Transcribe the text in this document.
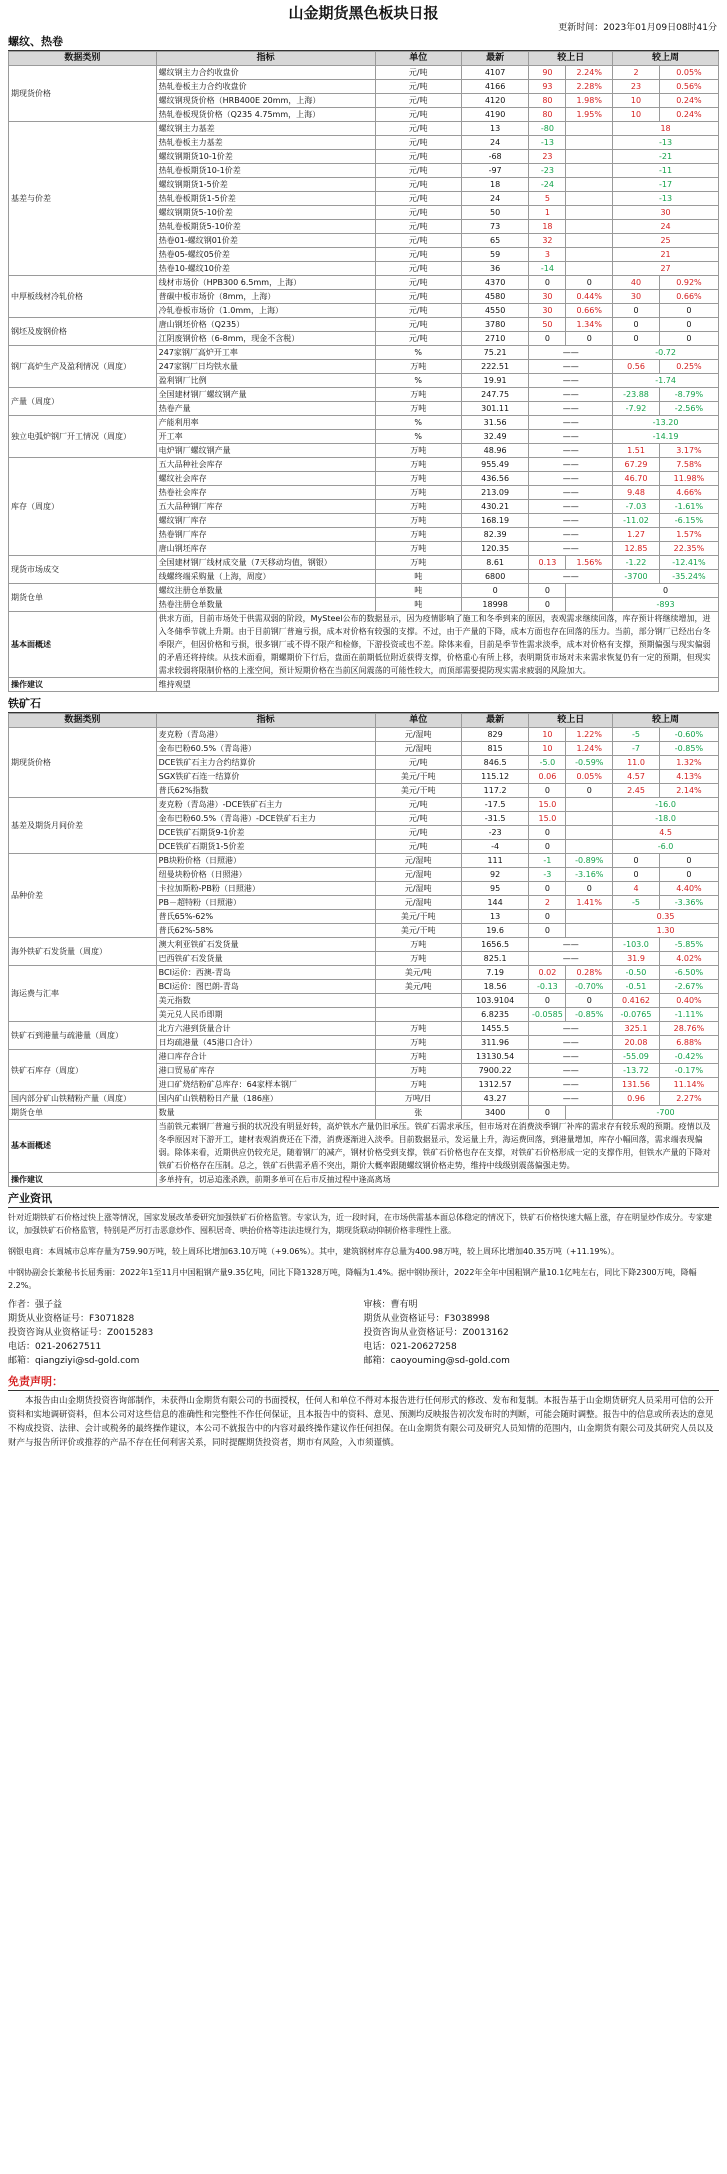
山金期货黑色板块日报
更新时间：2023年01月09日08时41分
螺纹、热卷
数据类别	指标	单位	最新	较上日		较上周	
期现货价格	螺纹钢主力合约收盘价	元/吨	4107	90	2.24%	2	0.05%
	热轧卷板主力合约收盘价	元/吨	4166	93	2.28%	23	0.56%
	螺纹钢现货价格（HRB400E 20mm，上海）	元/吨	4120	80	1.98%	10	0.24%
	热轧卷板现货价格（Q235 4.75mm，上海）	元/吨	4190	80	1.95%	10	0.24%
基差与价差	螺纹钢主力基差	元/吨	13	-80		18	
	热轧卷板主力基差	元/吨	24	-13		-13	
	螺纹钢期货10-1价差	元/吨	-68	23		-21	
	热轧卷板期货10-1价差	元/吨	-97	-23		-11	
	螺纹钢期货1-5价差	元/吨	18	-24		-17	
	热轧卷板期货1-5价差	元/吨	24	5		-13	
	螺纹钢期货5-10价差	元/吨	50	1		30	
	热轧卷板期货5-10价差	元/吨	73	18		24	
	热卷01-螺纹钢01价差	元/吨	65	32		25	
	热卷05-螺纹05价差	元/吨	59	3		21	
	热卷10-螺纹10价差	元/吨	36	-14		27	
中厚板线材冷轧价格	线材市场价（HPB300 6.5mm，上海）	元/吨	4370	0	0	40	0.92%
	普碳中板市场价（8mm，上海）	元/吨	4580	30	0.44%	30	0.66%
	冷轧卷板市场价（1.0mm，上海）	元/吨	4550	30	0.66%	0	0
钢坯及废钢价格	唐山钢坯价格（Q235）	元/吨	3780	50	1.34%	0	0
	江阴废钢价格（6-8mm，现金不含税）	元/吨	2710	0	0	0	0
钢厂高炉生产及盈利情况（周度）	247家钢厂高炉开工率	%	75.21	——		-0.72	
	247家钢厂日均铁水量	万吨	222.51	——		0.56	0.25%
	盈利钢厂比例	%	19.91	——		-1.74	
产量（周度）	全国建材钢厂螺纹钢产量	万吨	247.75	——		-23.88	-8.79%
	热卷产量	万吨	301.11	——		-7.92	-2.56%
独立电弧炉钢厂开工情况（周度）	产能利用率	%	31.56	——		-13.20	
	开工率	%	32.49	——		-14.19	
	电炉钢厂螺纹钢产量	万吨	48.96	——		1.51	3.17%
库存（周度）	五大品种社会库存	万吨	955.49	——		67.29	7.58%
	螺纹社会库存	万吨	436.56	——		46.70	11.98%
	热卷社会库存	万吨	213.09	——		9.48	4.66%
	五大品种钢厂库存	万吨	430.21	——		-7.03	-1.61%
	螺纹钢厂库存	万吨	168.19	——		-11.02	-6.15%
	热卷钢厂库存	万吨	82.39	——		1.27	1.57%
	唐山钢坯库存	万吨	120.35	——		12.85	22.35%
现货市场成交	全国建材钢厂线材成交量（7天移动均值，钢银）	万吨	8.61	0.13	1.56%	-1.22	-12.41%
	线螺终端采购量（上海，周度）	吨	6800	——		-3700	-35.24%
期货仓单	螺纹注册仓单数量	吨	0	0		0	
	热卷注册仓单数量	吨	18998	0		-893	
基本面概述	供求方面，目前市场处于供需双弱的阶段，MySteel公布的数据显示，因为疫情影响了施工和冬季到来的原因，表观需求继续回落，库存预计将继续增加，进入冬储季节就上升期。由于目前钢厂普遍亏损，成本对价格有较强的支撑。不过，由于产量的下降，成本方面也存在回落的压力。当前，部分钢厂已经出台冬季限产，但因价格和亏损，很多钢厂或不得不限产和检修，下游投资或也不差。除体来看，目前是季节性需求淡季，成本对价格有支撑，预期偏强与现实偏弱的矛盾还将持续。从技术面看，期螺期价下行后，盘面在前期低位附近获得支撑，价格重心有所上移，表明期货市场对未来需求恢复仍有一定的预期，但现实需求较弱将限制价格的上涨空间，预计短期价格在当前区间震荡的可能性较大，而顶部需要提防现实需求疲弱的风险加大。						
操作建议	维持观望						
铁矿石
数据类别	指标	单位	最新	较上日		较上周	
期现货价格	麦克粉（青岛港）	元/湿吨	829	10	1.22%	-5	-0.60%
	金布巴粉60.5%（青岛港）	元/湿吨	815	10	1.24%	-7	-0.85%
	DCE铁矿石主力合约结算价	元/吨	846.5	-5.0	-0.59%	11.0	1.32%
	SGX铁矿石连一结算价	美元/干吨	115.12	0.06	0.05%	4.57	4.13%
	普氏62%指数	美元/干吨	117.2	0	0	2.45	2.14%
基差及期货月间价差	麦克粉（青岛港）-DCE铁矿石主力	元/吨	-17.5	15.0		-16.0	
	金布巴粉60.5%（青岛港）-DCE铁矿石主力	元/吨	-31.5	15.0		-18.0	
	DCE铁矿石期货9-1价差	元/吨	-23	0		4.5	
	DCE铁矿石期货1-5价差	元/吨	-4	0		-6.0	
品种价差	PB块粉价格（日照港）	元/湿吨	111	-1	-0.89%	0	0
	纽曼块粉价格（日照港）	元/湿吨	92	-3	-3.16%	0	0
	卡拉加斯粉-PB粉（日照港）	元/湿吨	95	0	0	4	4.40%
	PB－超特粉（日照港）	元/湿吨	144	2	1.41%	-5	-3.36%
	普氏65%-62%	美元/干吨	13	0		0.35	
	普氏62%-58%	美元/干吨	19.6	0		1.30	
海外铁矿石发货量（周度）	澳大利亚铁矿石发货量	万吨	1656.5	——		-103.0	-5.85%
	巴西铁矿石发货量	万吨	825.1	——		31.9	4.02%
海运费与汇率	BCI运价：西澳-青岛	美元/吨	7.19	0.02	0.28%	-0.50	-6.50%
	BCI运价：图巴朗-青岛	美元/吨	18.56	-0.13	-0.70%	-0.51	-2.67%
	美元指数		103.9104	0	0	0.4162	0.40%
	美元兑人民币即期		6.8235	-0.0585	-0.85%	-0.0765	-1.11%
铁矿石到港量与疏港量（周度）	北方六港到货量合计	万吨	1455.5	——		325.1	28.76%
	日均疏港量（45港口合计）	万吨	311.96	——		20.08	6.88%
铁矿石库存（周度）	港口库存合计	万吨	13130.54	——		-55.09	-0.42%
	港口贸易矿库存	万吨	7900.22	——		-13.72	-0.17%
	进口矿烧结粉矿总库存：64家样本钢厂	万吨	1312.57	——		131.56	11.14%
国内部分矿山铁精粉产量（周度）	国内矿山铁精粉日产量（186座）	万吨/日	43.27	——		0.96	2.27%
期货仓单	数量	张	3400	0		-700	
基本面概述	当前铁元素钢厂普遍亏损的状况没有明显好转，高炉铁水产量仍旧承压。铁矿石需求承压，但市场对在消费淡季钢厂补库的需求存有较乐观的预期。疫情以及冬季原因对下游开工，建材表观消费还在下滑，消费逐渐进入淡季。目前数据显示，发运量上升，海运费回落，到港量增加，库存小幅回落，需求端表现偏弱。除体来看，近期供应仍较充足，随着钢厂的减产，钢材价格受到支撑，铁矿石价格也存在支撑，对铁矿石价格形成一定的支撑作用，但铁水产量的下降对铁矿石价格存在压制。总之，铁矿石供需矛盾不突出，期价大概率跟随螺纹钢价格走势，维持中线级别震荡偏强走势。						
操作建议	多单持有，切忌追涨杀跌，前期多单可在后市反抽过程中逢高离场						
产业资讯

针对近期铁矿石价格过快上涨等情况，国家发展改革委研究加强铁矿石价格监管。专家认为，近一段时间，在市场供需基本面总体稳定的情况下，铁矿石价格快速大幅上涨，存在明显炒作成分。专家建议，加强铁矿石价格监管，特别是严厉打击恶意炒作、囤积居奇、哄抬价格等违法违规行为，期现货联动抑制价格非理性上涨。

钢银电商：本周城市总库存量为759.90万吨，较上周环比增加63.10万吨（+9.06%）。其中，建筑钢材库存总量为400.98万吨，较上周环比增加40.35万吨（+11.19%）。

中钢协副会长兼秘书长屈秀丽：2022年1至11月中国粗钢产量9.35亿吨，同比下降1328万吨，降幅为1.4%。据中钢协预计，2022年全年中国粗钢产量10.1亿吨左右，同比下降2300万吨，降幅2.2%。

作者：强子益
期货从业资格证号：F3071828
投资咨询从业资格证号：Z0015283
电话：021-20627511
邮箱：qiangziyi@sd-gold.com
审核：曹有明
期货从业资格证号：F3038998
投资咨询从业资格证号：Z0013162
电话：021-20627258
邮箱：caoyouming@sd-gold.com
免责声明：

本报告由山金期货投资咨询部制作，未获得山金期货有限公司的书面授权，任何人和单位不得对本报告进行任何形式的修改、发布和复制。本报告基于山金期货研究人员采用可信的公开资料和实地调研资料，但本公司对这些信息的准确性和完整性不作任何保证，且本报告中的资料、意见、预测均反映报告初次发布时的判断，可能会随时调整。报告中的信息或所表达的意见不构成投资、法律、会计或税务的最终操作建议，本公司不就报告中的内容对最终操作建议作任何担保。在山金期货有限公司及研究人员知情的范围内，山金期货有限公司及其研究人员以及财产与报告所评价或推荐的产品不存在任何利害关系，同时提醒期货投资者，期市有风险，入市须谨慎。
